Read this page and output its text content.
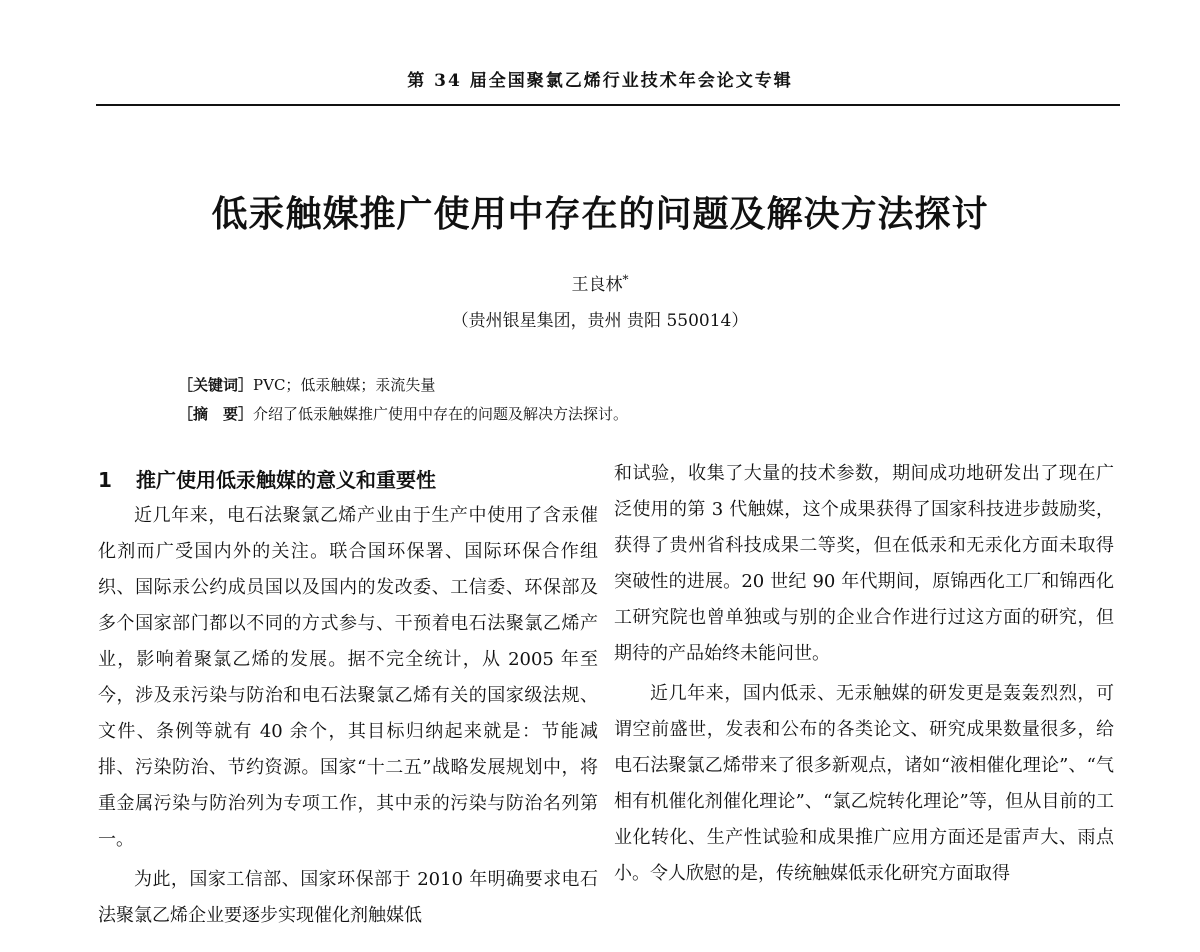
第 34 届全国聚氯乙烯行业技术年会论文专辑
低汞触媒推广使用中存在的问题及解决方法探讨
王良林*
（贵州银星集团，贵州 贵阳 550014）
［关键词］PVC；低汞触媒；汞流失量
［摘　要］介绍了低汞触媒推广使用中存在的问题及解决方法探讨。
1 推广使用低汞触媒的意义和重要性

近几年来，电石法聚氯乙烯产业由于生产中使用了含汞催化剂而广受国内外的关注。联合国环保署、国际环保合作组织、国际汞公约成员国以及国内的发改委、工信委、环保部及多个国家部门都以不同的方式参与、干预着电石法聚氯乙烯产业，影响着聚氯乙烯的发展。据不完全统计，从 2005 年至今，涉及汞污染与防治和电石法聚氯乙烯有关的国家级法规、文件、条例等就有 40 余个，其目标归纳起来就是：节能减排、污染防治、节约资源。国家“十二五”战略发展规划中，将重金属污染与防治列为专项工作，其中汞的污染与防治名列第一。

为此，国家工信部、国家环保部于 2010 年明确要求电石法聚氯乙烯企业要逐步实现催化剂触媒低

和试验，收集了大量的技术参数，期间成功地研发出了现在广泛使用的第 3 代触媒，这个成果获得了国家科技进步鼓励奖，获得了贵州省科技成果二等奖，但在低汞和无汞化方面未取得突破性的进展。20 世纪 90 年代期间，原锦西化工厂和锦西化工研究院也曾单独或与别的企业合作进行过这方面的研究，但期待的产品始终未能问世。

近几年来，国内低汞、无汞触媒的研发更是轰轰烈烈，可谓空前盛世，发表和公布的各类论文、研究成果数量很多，给电石法聚氯乙烯带来了很多新观点，诸如“液相催化理论”、“气相有机催化剂催化理论”、“氯乙烷转化理论”等，但从目前的工业化转化、生产性试验和成果推广应用方面还是雷声大、雨点小。令人欣慰的是，传统触媒低汞化研究方面取得
